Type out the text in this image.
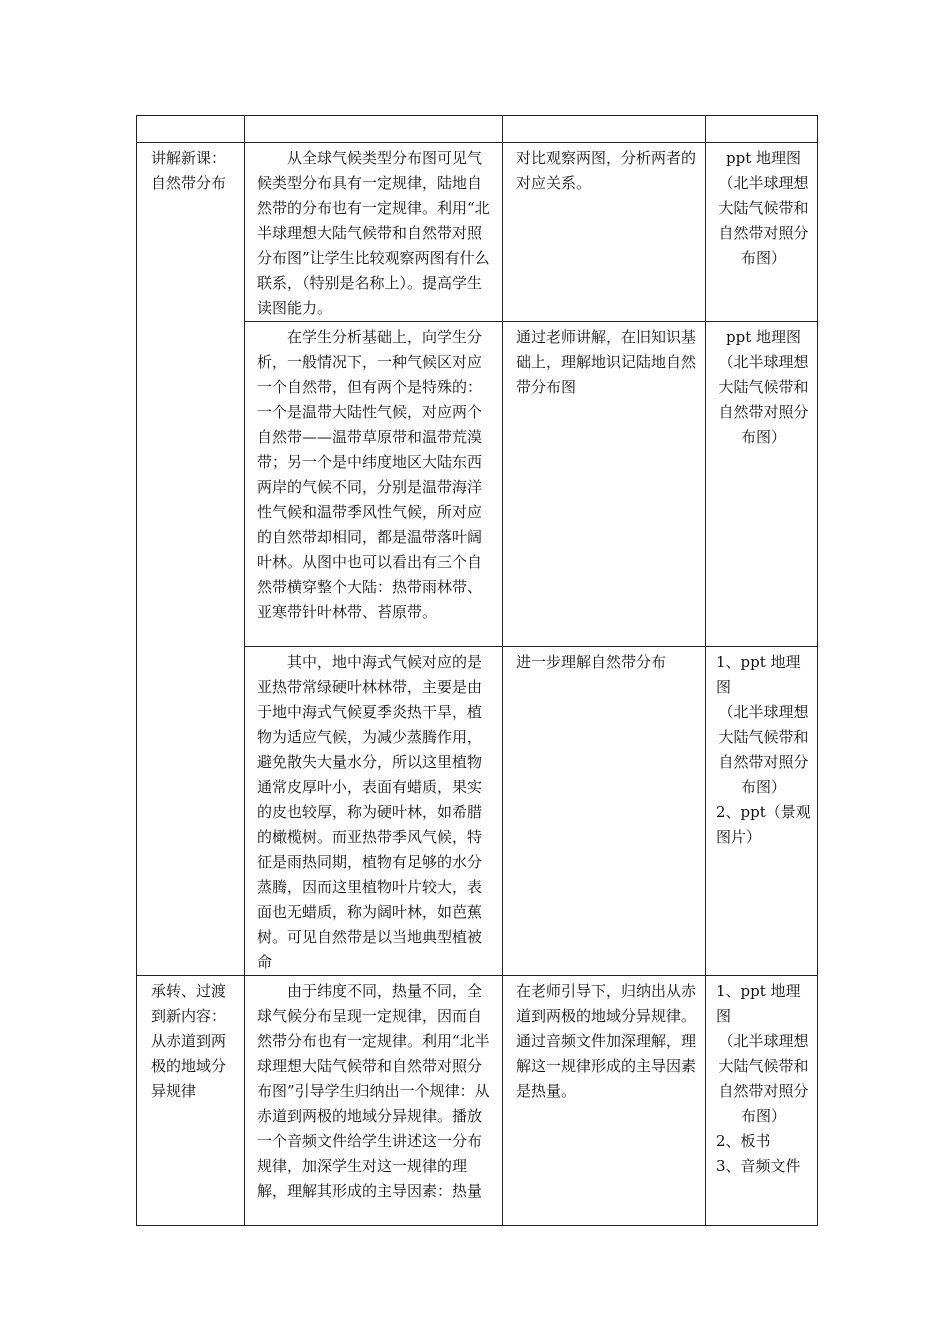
讲解新课：自然带分布	从全球气候类型分布图可见气候类型分布具有一定规律，陆地自然带的分布也有一定规律。利用“北半球理想大陆气候带和自然带对照分布图”让学生比较观察两图有什么联系，（特别是名称上）。提高学生读图能力。	对比观察两图，分析两者的对应关系。	ppt 地理图
（北半球理想大陆气候带和自然带对照分布图）

	在学生分析基础上，向学生分析，一般情况下，一种气候区对应一个自然带，但有两个是特殊的：一个是温带大陆性气候，对应两个自然带——温带草原带和温带荒漠带；另一个是中纬度地区大陆东西两岸的气候不同，分别是温带海洋性气候和温带季风性气候，所对应的自然带却相同，都是温带落叶阔叶林。从图中也可以看出有三个自然带横穿整个大陆：热带雨林带、亚寒带针叶林带、苔原带。	通过老师讲解，在旧知识基础上，理解地识记陆地自然带分布图	ppt 地理图
（北半球理想大陆气候带和自然带对照分布图）

	其中，地中海式气候对应的是亚热带常绿硬叶林林带，主要是由于地中海式气候夏季炎热干旱，植物为适应气候，为减少蒸腾作用，避免散失大量水分，所以这里植物通常皮厚叶小，表面有蜡质，果实的皮也较厚，称为硬叶林，如希腊的橄榄树。而亚热带季风气候，特征是雨热同期，植物有足够的水分蒸腾，因而这里植物叶片较大，表面也无蜡质，称为阔叶林，如芭蕉树。可见自然带是以当地典型植被命	进一步理解自然带分布	1、ppt 地理图
（北半球理想大陆气候带和自然带对照分布图）
2、ppt（景观图片）

承转、过渡到新内容：从赤道到两极的地域分异规律	由于纬度不同，热量不同，全球气候分布呈现一定规律，因而自然带分布也有一定规律。利用“北半球理想大陆气候带和自然带对照分布图”引导学生归纳出一个规律：从赤道到两极的地域分异规律。播放一个音频文件给学生讲述这一分布规律，加深学生对这一规律的理解，理解其形成的主导因素：热量	在老师引导下，归纳出从赤道到两极的地域分异规律。通过音频文件加深理解，理解这一规律形成的主导因素是热量。	1、ppt 地理图
（北半球理想大陆气候带和自然带对照分布图）
2、板书
3、音频文件
